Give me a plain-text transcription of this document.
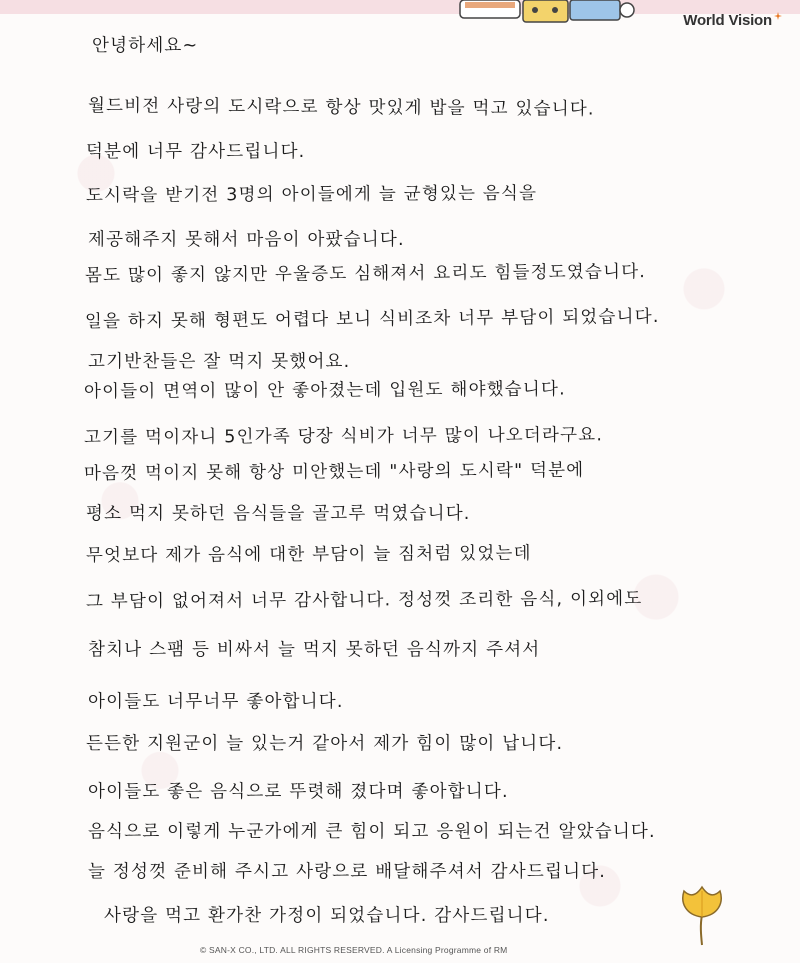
World Vision
안녕하세요~
월드비전 사랑의 도시락으로 항상 맛있게 밥을 먹고 있습니다.
덕분에 너무 감사드립니다.
도시락을 받기전 3명의 아이들에게 늘 균형있는 음식을
제공해주지 못해서 마음이 아팠습니다.
몸도 많이 좋지 않지만 우울증도 심해져서 요리도 힘들정도였습니다.
일을 하지 못해 형편도 어렵다 보니 식비조차 너무 부담이 되었습니다.
고기반찬들은 잘 먹지 못했어요.
아이들이 면역이 많이 안 좋아졌는데 입원도 해야했습니다.
고기를 먹이자니 5인가족 당장 식비가 너무 많이 나오더라구요.
마음껏 먹이지 못해 항상 미안했는데 "사랑의 도시락" 덕분에
평소 먹지 못하던 음식들을 골고루 먹였습니다.
무엇보다 제가 음식에 대한 부담이 늘 짐처럼 있었는데
그 부담이 없어져서 너무 감사합니다. 정성껏 조리한 음식, 이외에도
참치나 스팸 등 비싸서 늘 먹지 못하던 음식까지 주셔서
아이들도 너무너무 좋아합니다.
든든한 지원군이 늘 있는거 같아서 제가 힘이 많이 납니다.
아이들도 좋은 음식으로 뚜렷해 졌다며 좋아합니다.
음식으로 이렇게 누군가에게 큰 힘이 되고 응원이 되는건 알았습니다.
늘 정성껏 준비해 주시고 사랑으로 배달해주셔서 감사드립니다.
사랑을 먹고 환가찬 가정이 되었습니다. 감사드립니다.
© SAN-X CO., LTD. ALL RIGHTS RESERVED. A Licensing Programme of RM
